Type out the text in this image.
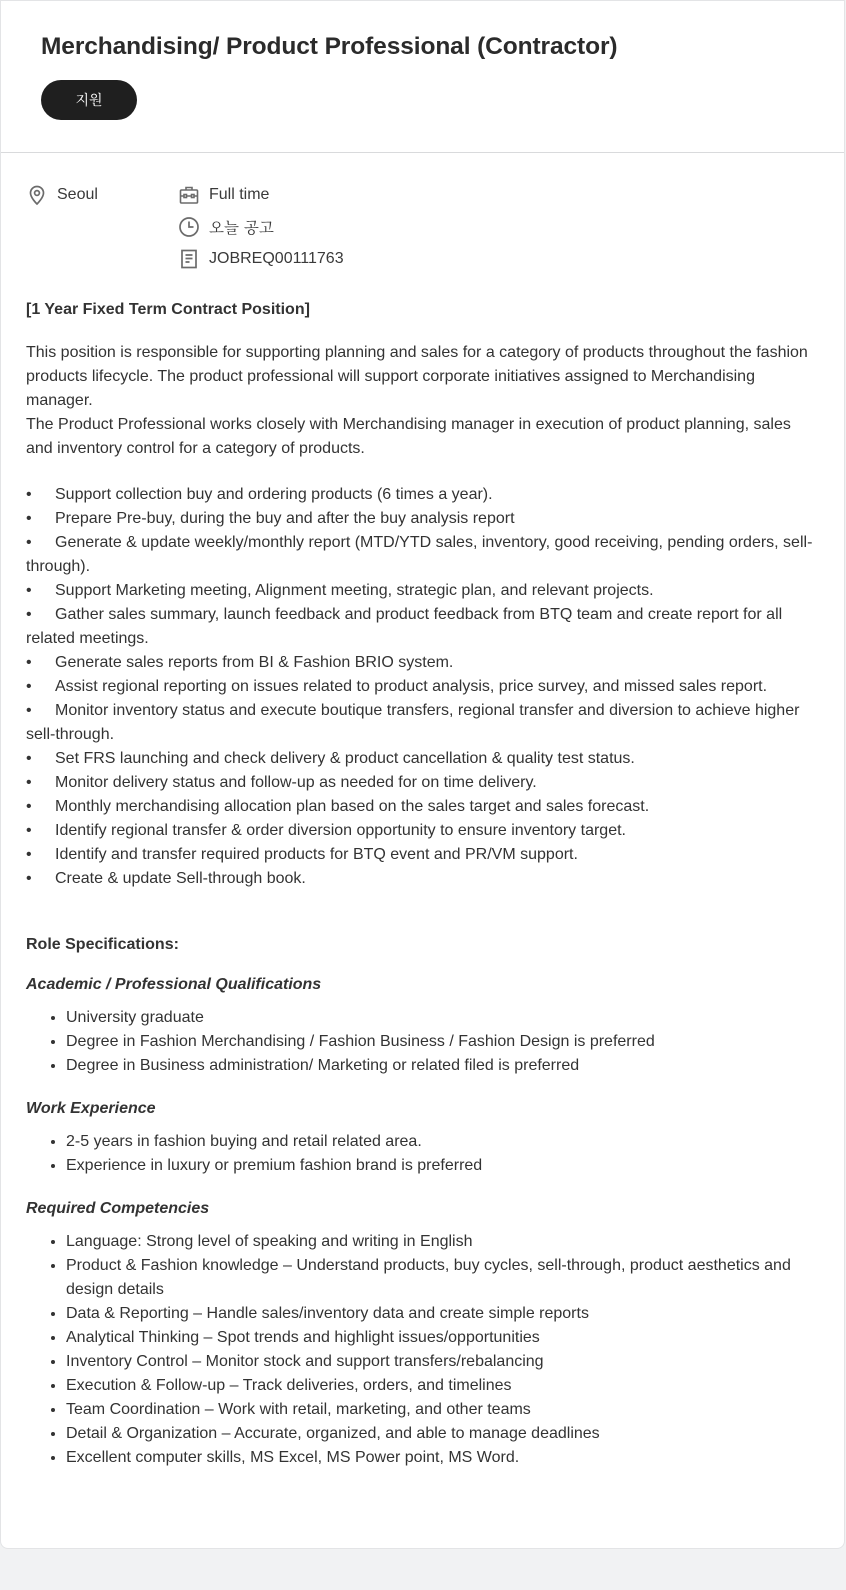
Merchandising/ Product Professional (Contractor)
지원
Seoul	Full time
오늘 공고
JOBREQ00111763

[1 Year Fixed Term Contract Position]

This position is responsible for supporting planning and sales for a category of products throughout the fashion products lifecycle. The product professional will support corporate initiatives assigned to Merchandising manager.

The Product Professional works closely with Merchandising manager in execution of product planning, sales and inventory control for a category of products.

• Support collection buy and ordering products (6 times a year).
• Prepare Pre-buy, during the buy and after the buy analysis report
• Generate & update weekly/monthly report (MTD/YTD sales, inventory, good receiving, pending orders, sell-through).
• Support Marketing meeting, Alignment meeting, strategic plan, and relevant projects.
• Gather sales summary, launch feedback and product feedback from BTQ team and create report for all related meetings.
• Generate sales reports from BI & Fashion BRIO system.
• Assist regional reporting on issues related to product analysis, price survey, and missed sales report.
• Monitor inventory status and execute boutique transfers, regional transfer and diversion to achieve higher sell-through.
• Set FRS launching and check delivery & product cancellation & quality test status.
• Monitor delivery status and follow-up as needed for on time delivery.
• Monthly merchandising allocation plan based on the sales target and sales forecast.
• Identify regional transfer & order diversion opportunity to ensure inventory target.
• Identify and transfer required products for BTQ event and PR/VM support.
• Create & update Sell-through book.

Role Specifications:

Academic / Professional Qualifications

• University graduate
• Degree in Fashion Merchandising / Fashion Business / Fashion Design is preferred
• Degree in Business administration/ Marketing or related filed is preferred

Work Experience

• 2-5 years in fashion buying and retail related area.
• Experience in luxury or premium fashion brand is preferred

Required Competencies

• Language: Strong level of speaking and writing in English
• Product & Fashion knowledge – Understand products, buy cycles, sell-through, product aesthetics and design details
• Data & Reporting – Handle sales/inventory data and create simple reports
• Analytical Thinking – Spot trends and highlight issues/opportunities
• Inventory Control – Monitor stock and support transfers/rebalancing
• Execution & Follow-up – Track deliveries, orders, and timelines
• Team Coordination – Work with retail, marketing, and other teams
• Detail & Organization – Accurate, organized, and able to manage deadlines
• Excellent computer skills, MS Excel, MS Power point, MS Word.
